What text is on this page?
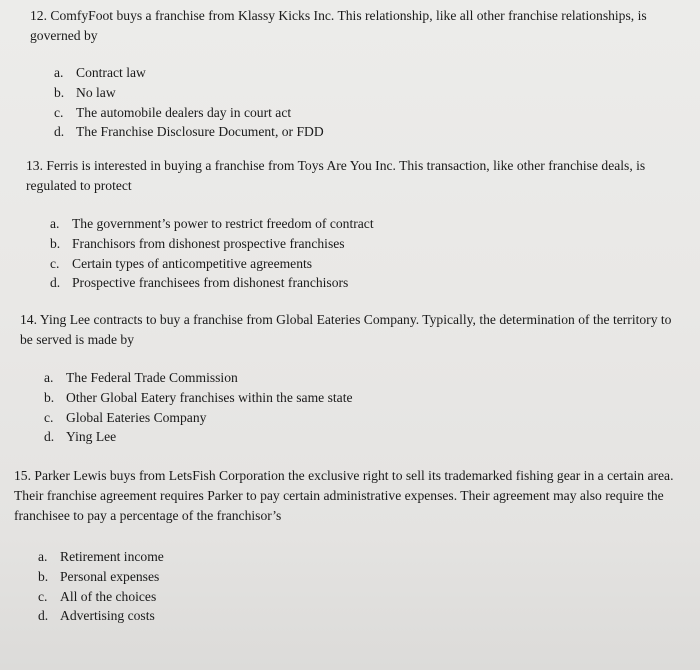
12. ComfyFoot buys a franchise from Klassy Kicks Inc. This relationship, like all other franchise relationships, is governed by

a. Contract law
b. No law
c. The automobile dealers day in court act
d. The Franchise Disclosure Document, or FDD

13. Ferris is interested in buying a franchise from Toys Are You Inc. This transaction, like other franchise deals, is regulated to protect

a. The government’s power to restrict freedom of contract
b. Franchisors from dishonest prospective franchises
c. Certain types of anticompetitive agreements
d. Prospective franchisees from dishonest franchisors

14. Ying Lee contracts to buy a franchise from Global Eateries Company. Typically, the determination of the territory to be served is made by

a. The Federal Trade Commission
b. Other Global Eatery franchises within the same state
c. Global Eateries Company
d. Ying Lee

15. Parker Lewis buys from LetsFish Corporation the exclusive right to sell its trademarked fishing gear in a certain area. Their franchise agreement requires Parker to pay certain administrative expenses. Their agreement may also require the franchisee to pay a percentage of the franchisor’s

a. Retirement income
b. Personal expenses
c. All of the choices
d. Advertising costs
